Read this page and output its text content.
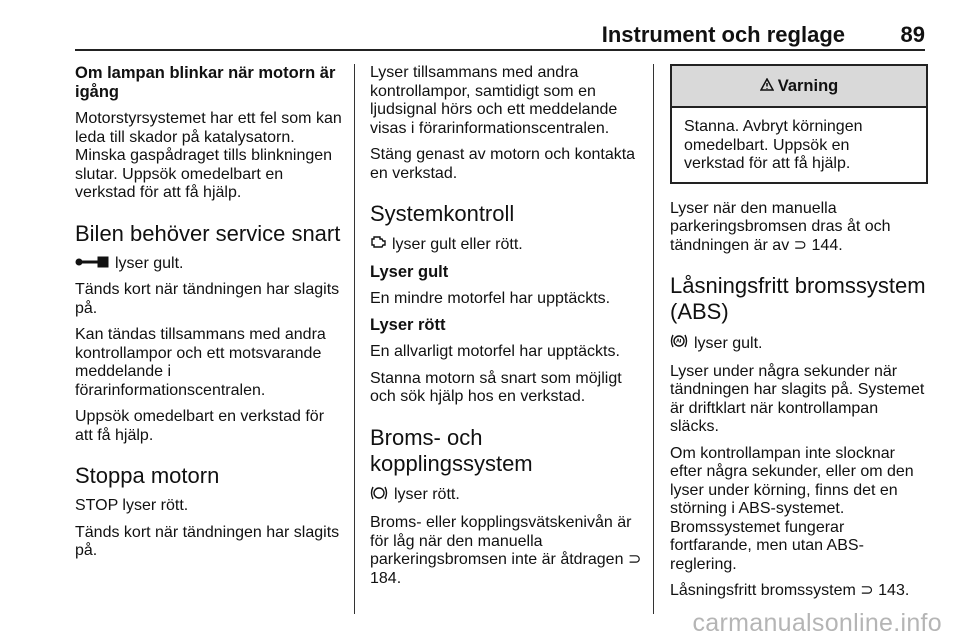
Instrument och reglage	89
Om lampan blinkar när motorn är igång

Motorstyrsystemet har ett fel som kan leda till skador på katalysatorn. Minska gaspådraget tills blinkningen slutar. Uppsök omedelbart en verkstad för att få hjälp.

Bilen behöver service snart
lyser gult.

Tänds kort när tändningen har slagits på.

Kan tändas tillsammans med andra kontrollampor och ett motsvarande meddelande i förarinformationscentralen.

Uppsök omedelbart en verkstad för att få hjälp.

Stoppa motorn

STOP lyser rött.

Tänds kort när tändningen har slagits på.

Lyser tillsammans med andra kontrollampor, samtidigt som en ljudsignal hörs och ett meddelande visas i förarinformationscentralen.

Stäng genast av motorn och kontakta en verkstad.

Systemkontroll
lyser gult eller rött.
Lyser gult

En mindre motorfel har upptäckts.

Lyser rött

En allvarligt motorfel har upptäckts.

Stanna motorn så snart som möjligt och sök hjälp hos en verkstad.

Broms- och kopplingssystem
lyser rött.

Broms- eller kopplingsvätskenivån är för låg när den manuella parkeringsbromsen inte är åtdragen ⊃ 184.

Varning
Stanna. Avbryt körningen omedelbart. Uppsök en verkstad för att få hjälp.

Lyser när den manuella parkeringsbromsen dras åt och tändningen är av ⊃ 144.

Låsningsfritt bromssystem (ABS)
lyser gult.

Lyser under några sekunder när tändningen har slagits på. Systemet är driftklart när kontrollampan släcks.

Om kontrollampan inte slocknar efter några sekunder, eller om den lyser under körning, finns det en störning i ABS-systemet. Bromssystemet fungerar fortfarande, men utan ABS-reglering.

Låsningsfritt bromssystem ⊃ 143.

carmanualsonline.info
